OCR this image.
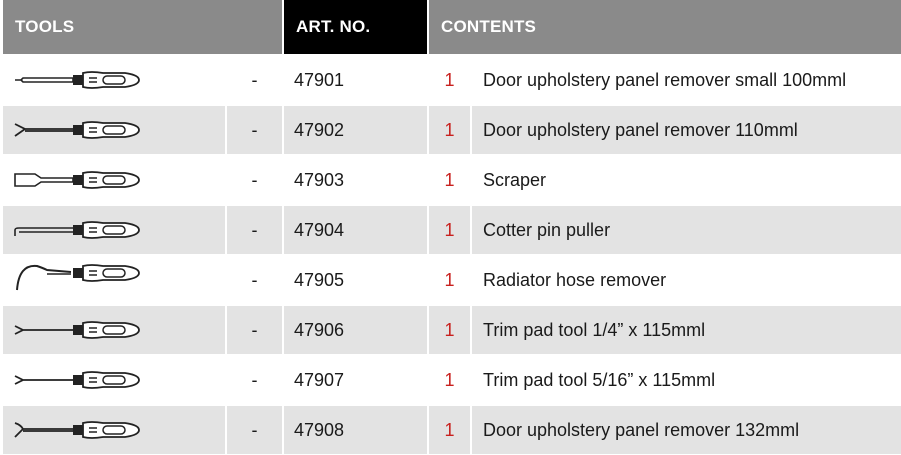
TOOLS	ART. NO.	CONTENTS
-	47901	1	Door upholstery panel remover small 100mml
-	47902	1	Door upholstery panel remover 110mml
-	47903	1	Scraper
-	47904	1	Cotter pin puller
-	47905	1	Radiator hose remover
-	47906	1	Trim pad tool 1/4” x 115mml
-	47907	1	Trim pad tool 5/16” x 115mml
-	47908	1	Door upholstery panel remover 132mml
